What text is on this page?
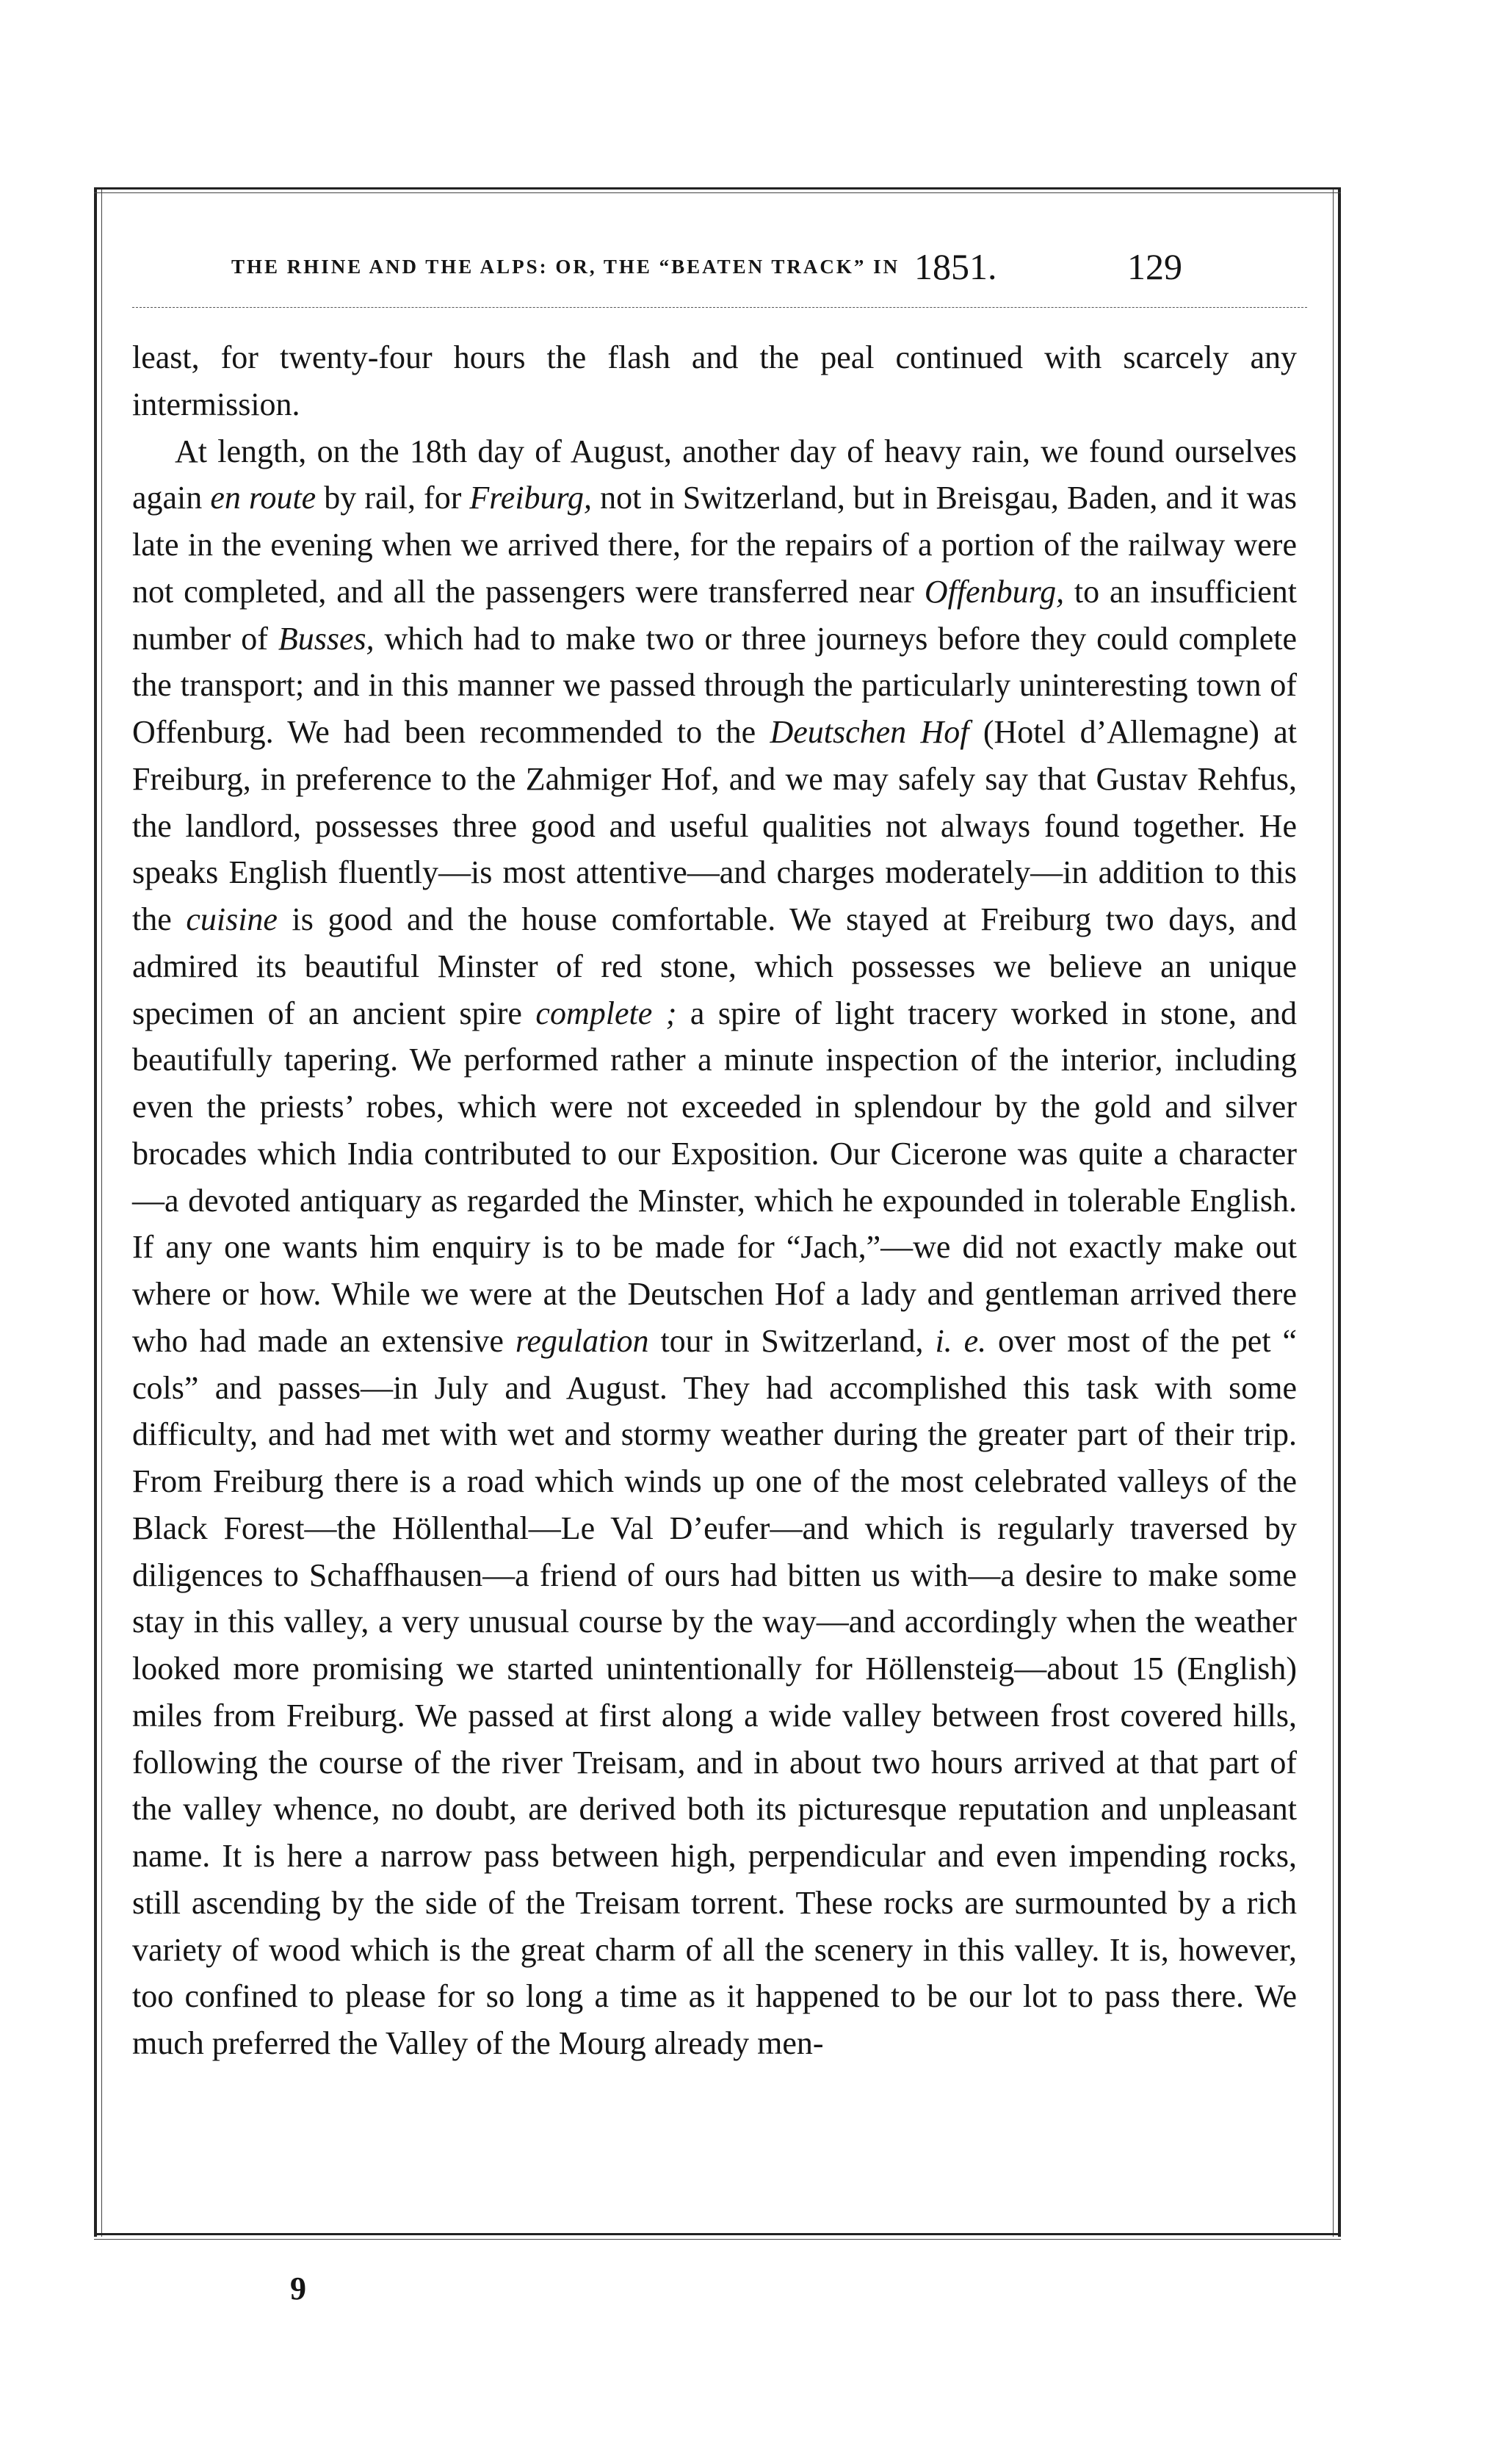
THE RHINE AND THE ALPS: OR, THE “BEATEN TRACK” IN 1851.	129

least, for twenty-four hours the flash and the peal continued with scarcely any intermission.

At length, on the 18th day of August, another day of heavy rain, we found ourselves again en route by rail, for Freiburg, not in Switzerland, but in Breisgau, Baden, and it was late in the evening when we arrived there, for the repairs of a portion of the railway were not completed, and all the passengers were transferred near Offenburg, to an insufficient number of Busses, which had to make two or three journeys before they could complete the transport; and in this manner we passed through the particularly uninteresting town of Offenburg. We had been recommended to the Deutschen Hof (Hotel d’Allemagne) at Freiburg, in preference to the Zahmiger Hof, and we may safely say that Gustav Rehfus, the landlord, possesses three good and useful qualities not always found together. He speaks English fluently—is most attentive—and charges moderately—in addition to this the cuisine is good and the house comfortable. We stayed at Freiburg two days, and admired its beautiful Minster of red stone, which possesses we believe an unique specimen of an ancient spire complete ; a spire of light tracery worked in stone, and beautifully tapering. We performed rather a minute inspection of the interior, including even the priests’ robes, which were not exceeded in splendour by the gold and silver brocades which India contributed to our Exposition. Our Cicerone was quite a character—a devoted antiquary as regarded the Minster, which he expounded in tolerable English. If any one wants him enquiry is to be made for “Jach,”—we did not exactly make out where or how. While we were at the Deutschen Hof a lady and gentleman arrived there who had made an extensive regulation tour in Switzerland, i. e. over most of the pet “ cols” and passes—in July and August. They had accomplished this task with some difficulty, and had met with wet and stormy weather during the greater part of their trip. From Freiburg there is a road which winds up one of the most celebrated valleys of the Black Forest—the Höllenthal—Le Val D’eufer—and which is regularly traversed by diligences to Schaffhausen—a friend of ours had bitten us with—a desire to make some stay in this valley, a very unusual course by the way—and accordingly when the weather looked more promising we started unintentionally for Höllensteig—about 15 (English) miles from Freiburg. We passed at first along a wide valley between frost covered hills, following the course of the river Treisam, and in about two hours arrived at that part of the valley whence, no doubt, are derived both its picturesque reputation and unpleasant name. It is here a narrow pass between high, perpendicular and even impending rocks, still ascending by the side of the Treisam torrent. These rocks are surmounted by a rich variety of wood which is the great charm of all the scenery in this valley. It is, however, too confined to please for so long a time as it happened to be our lot to pass there. We much preferred the Valley of the Mourg already men-

9
